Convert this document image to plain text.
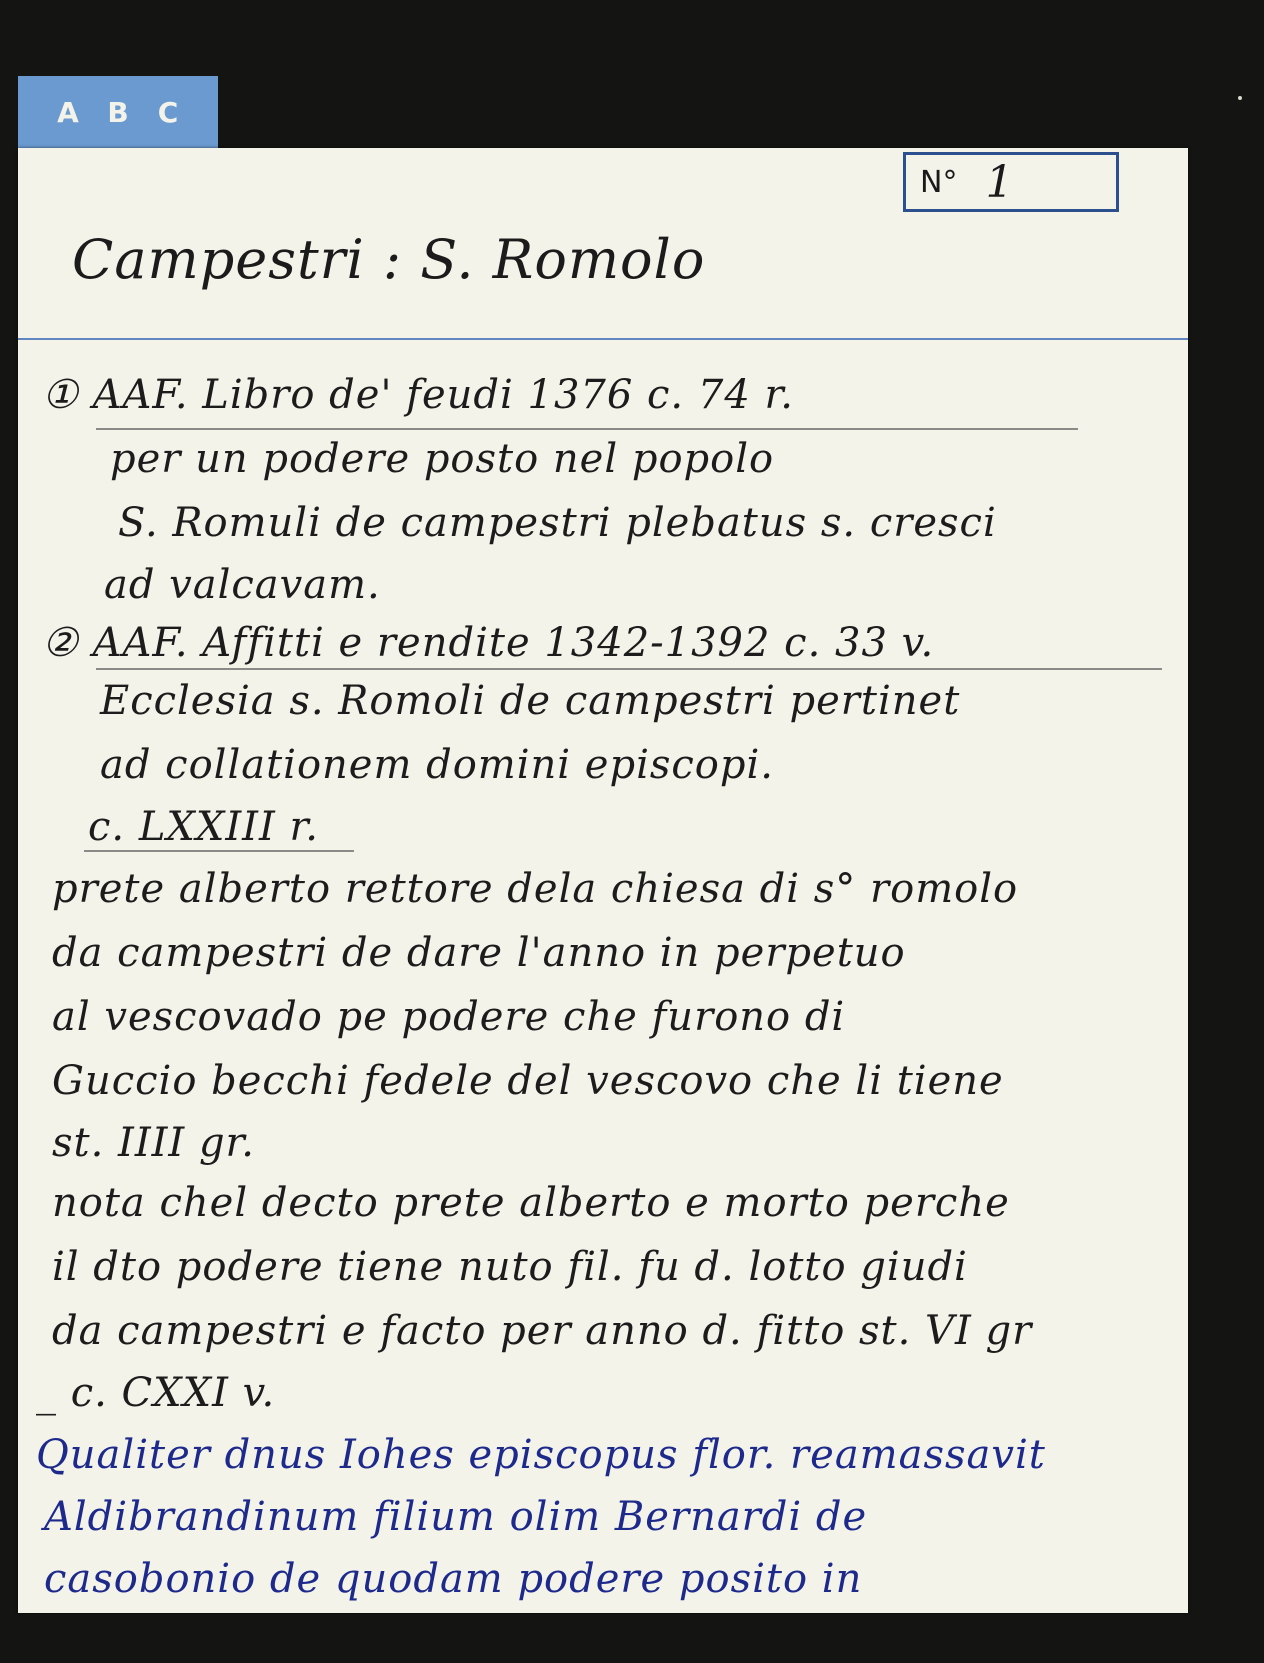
A B C
N° 1
Campestri : S. Romolo
① AAF. Libro de' feudi 1376 c. 74 r.
per un podere posto nel popolo
S. Romuli de campestri plebatus s. cresci
ad valcavam.
② AAF. Affitti e rendite 1342-1392 c. 33 v.
Ecclesia s. Romoli de campestri pertinet
ad collationem domini episcopi.
c. LXXIII r.
prete alberto rettore dela chiesa di s° romolo
da campestri de dare l'anno in perpetuo
al vescovado pe podere che furono di
Guccio becchi fedele del vescovo che li tiene
st. IIII gr.
nota chel decto prete alberto e morto perche
il dto podere tiene nuto fil. fu d. lotto giudi
da campestri e facto per anno d. fitto st. VI gr
_ c. CXXI v.
Qualiter dnus Iohes episcopus flor. reamassavit
Aldibrandinum filium olim Bernardi de
casobonio de quodam podere posito in
